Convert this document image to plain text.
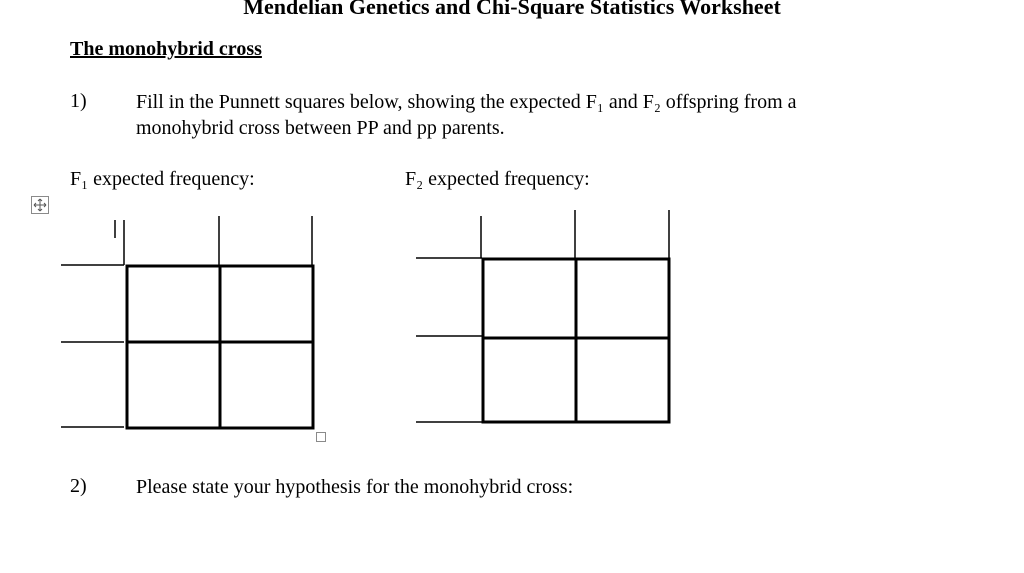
Mendelian Genetics and Chi-Square Statistics Worksheet
The monohybrid cross
1) Fill in the Punnett squares below, showing the expected F₁ and F₂ offspring from a
monohybrid cross between PP and pp parents.
F₁ expected frequency:	F₂ expected frequency:
2) Please state your hypothesis for the monohybrid cross:
